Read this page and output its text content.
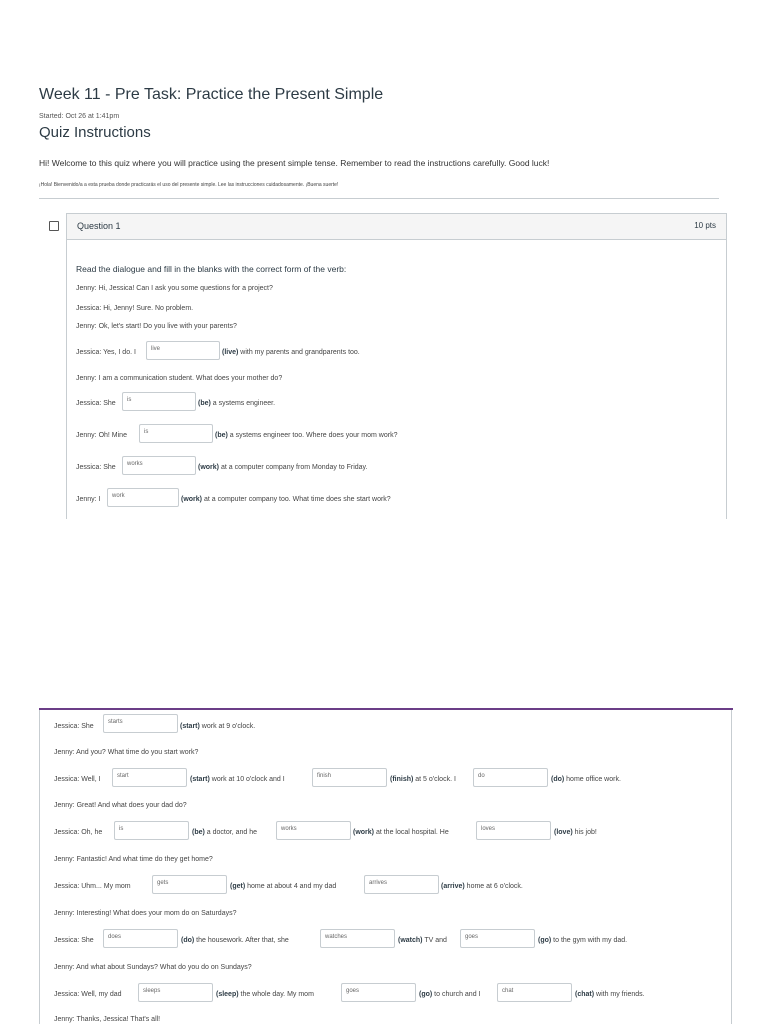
Week 11 - Pre Task: Practice the Present Simple
Started: Oct 26 at 1:41pm
Quiz Instructions
Hi! Welcome to this quiz where you will practice using the present simple tense. Remember to read the instructions carefully. Good luck!
¡Hola! Bienvenido/a a esta prueba donde practicarás el uso del presente simple. Lee las instrucciones cuidadosamente. ¡Buena suerte!
Question 1	10 pts
Read the dialogue and fill in the blanks with the correct form of the verb:
Jenny: Hi, Jessica! Can I ask you some questions for a project?
Jessica: Hi, Jenny! Sure. No problem.
Jenny: Ok, let's start! Do you live with your parents?
Jessica: Yes, I do. I	live	(live) with my parents and grandparents too.
Jenny: I am a communication student. What does your mother do?
Jessica: She	is	(be) a systems engineer.
Jenny: Oh! Mine	is	(be) a systems engineer too. Where does your mom work?
Jessica: She	works	(work) at a computer company from Monday to Friday.
Jenny: I	work	(work) at a computer company too. What time does she start work?
Jessica: She
starts
(start) work at 9 o'clock.
Jenny: And you? What time do you start work?
Jessica: Well, I	start	(start) work at 10 o'clock and I	finish	(finish) at 5 o'clock. I	do	(do) home office work.
Jenny: Great! And what does your dad do?
Jessica: Oh, he	is	(be) a doctor, and he	works	(work) at the local hospital. He	loves	(love) his job!
Jenny: Fantastic! And what time do they get home?
Jessica: Uhm... My mom	gets	(get) home at about 4 and my dad	arrives	(arrive) home at 6 o'clock.
Jenny: Interesting! What does your mom do on Saturdays?
Jessica: She	does	(do) the housework. After that, she	watches	(watch) TV and	goes	(go) to the gym with my dad.
Jenny: And what about Sundays? What do you do on Sundays?
Jessica: Well, my dad	sleeps	(sleep) the whole day. My mom	goes	(go) to church and I	chat	(chat) with my friends.
Jenny: Thanks, Jessica! That's all!
